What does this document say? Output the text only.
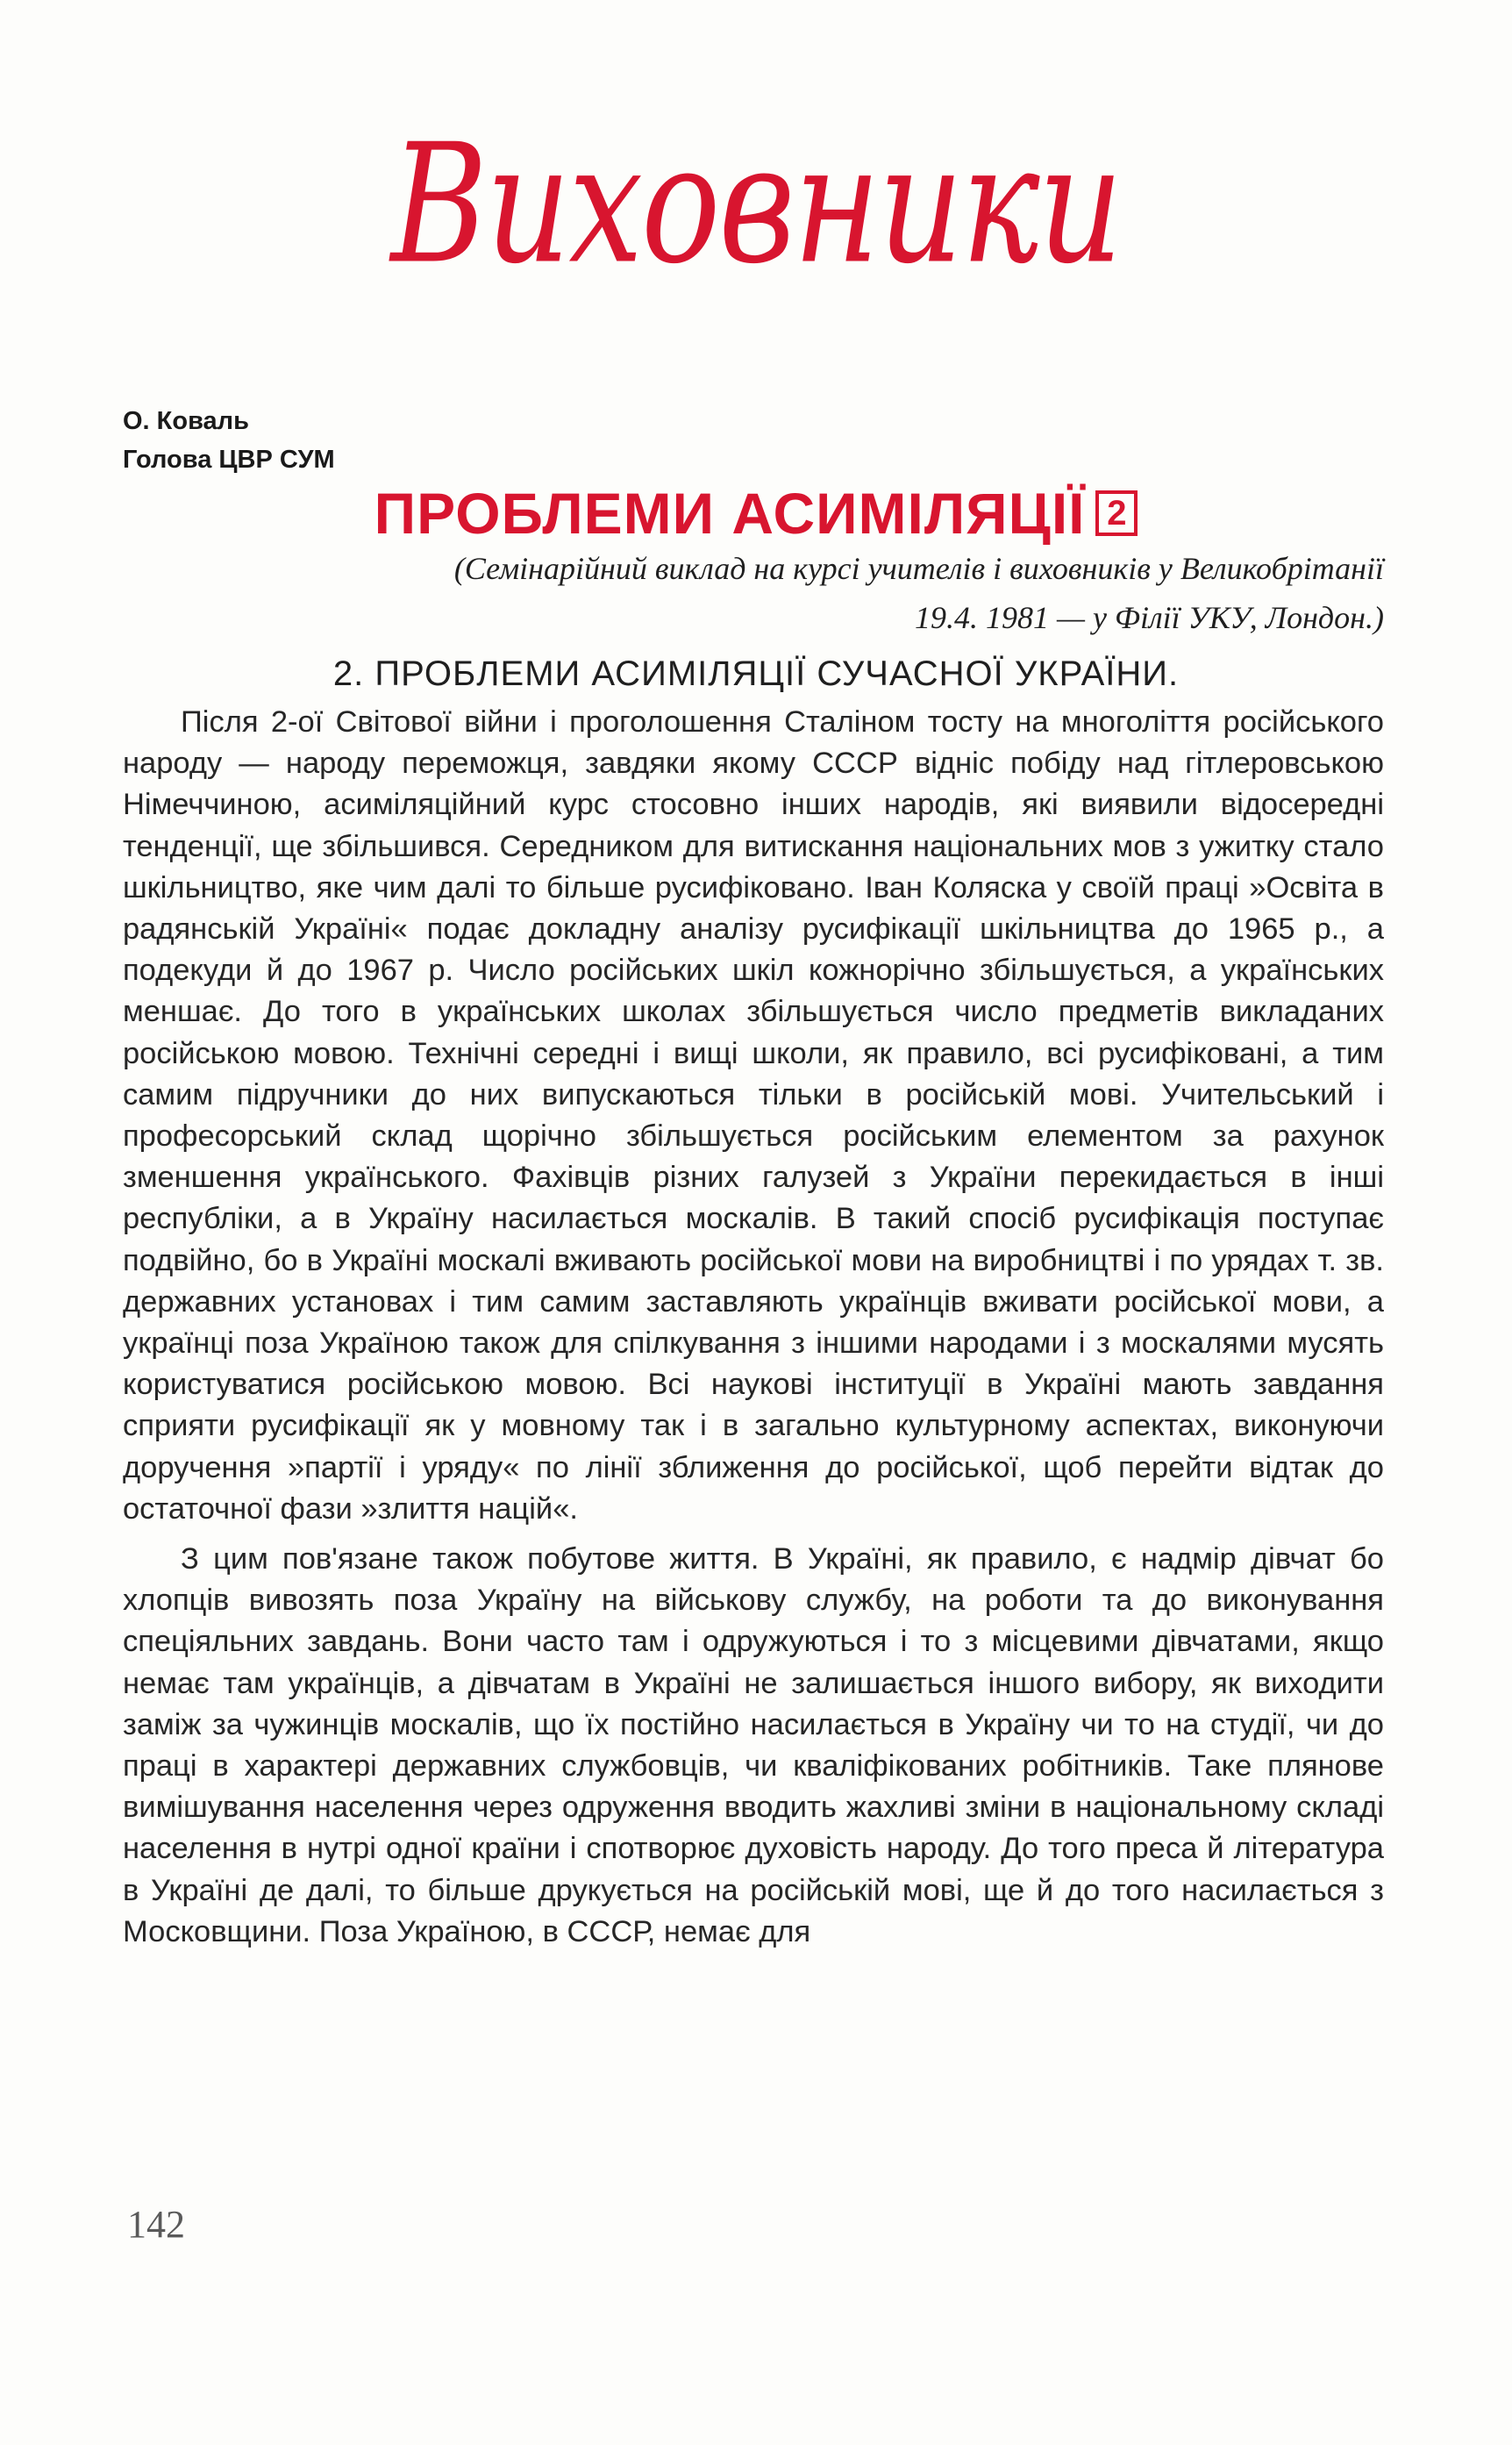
Виховники
О. Коваль
Голова ЦВР СУМ
ПРОБЛЕМИ АСИМІЛЯЦІЇ 2
(Семінарійний виклад на курсі учителів і виховників у Великобрітанії
19.4. 1981 — у Філії УКУ, Лондон.)
2. ПРОБЛЕМИ АСИМІЛЯЦІЇ СУЧАСНОЇ УКРАЇНИ.

Після 2-ої Світової війни і проголошення Сталіном тосту на многоліття російського народу — народу переможця, завдяки якому СССР відніс побіду над гітлеровською Німеччиною, асиміляційний курс стосовно інших народів, які виявили відосередні тенденції, ще збільшився. Середником для витискання національних мов з ужитку стало шкільництво, яке чим далі то більше русифіковано. Іван Коляска у своїй праці »Освіта в радянській Україні« подає докладну аналізу русифікації шкільництва до 1965 р., а подекуди й до 1967 р. Число російських шкіл кожнорічно збільшується, а українських меншає. До того в українських школах збільшується число предметів викладаних російською мовою. Технічні середні і вищі школи, як правило, всі русифіковані, а тим самим підручники до них випускаються тільки в російській мові. Учительський і професорський склад щорічно збільшується російським елементом за рахунок зменшення українського. Фахівців різних галузей з України перекидається в інші республіки, а в Україну насилається москалів. В такий спосіб русифікація поступає подвійно, бо в Україні москалі вживають російської мови на виробництві і по урядах т. зв. державних установах і тим самим заставляють українців вживати російської мови, а українці поза Україною також для спілкування з іншими народами і з москалями мусять користуватися російською мовою. Всі наукові інституції в Україні мають завдання сприяти русифікації як у мовному так і в загально культурному аспектах, виконуючи доручення »партії і уряду« по лінії зближення до російської, щоб перейти відтак до остаточної фази »злиття націй«.

З цим пов'язане також побутове життя. В Україні, як правило, є надмір дівчат бо хлопців вивозять поза Україну на військову службу, на роботи та до виконування спеціяльних завдань. Вони часто там і одружуються і то з місцевими дівчатами, якщо немає там українців, а дівчатам в Україні не залишається іншого вибору, як виходити заміж за чужинців москалів, що їх постійно насилається в Україну чи то на студії, чи до праці в характері державних службовців, чи кваліфікованих робітників. Таке плянове вимішування населення через одруження вводить жахливі зміни в національному складі населення в нутрі одної країни і спотворює духовість народу. До того преса й література в Україні де далі, то більше друкується на російській мові, ще й до того насилається з Московщини. Поза Україною, в СССР, немає для

142
